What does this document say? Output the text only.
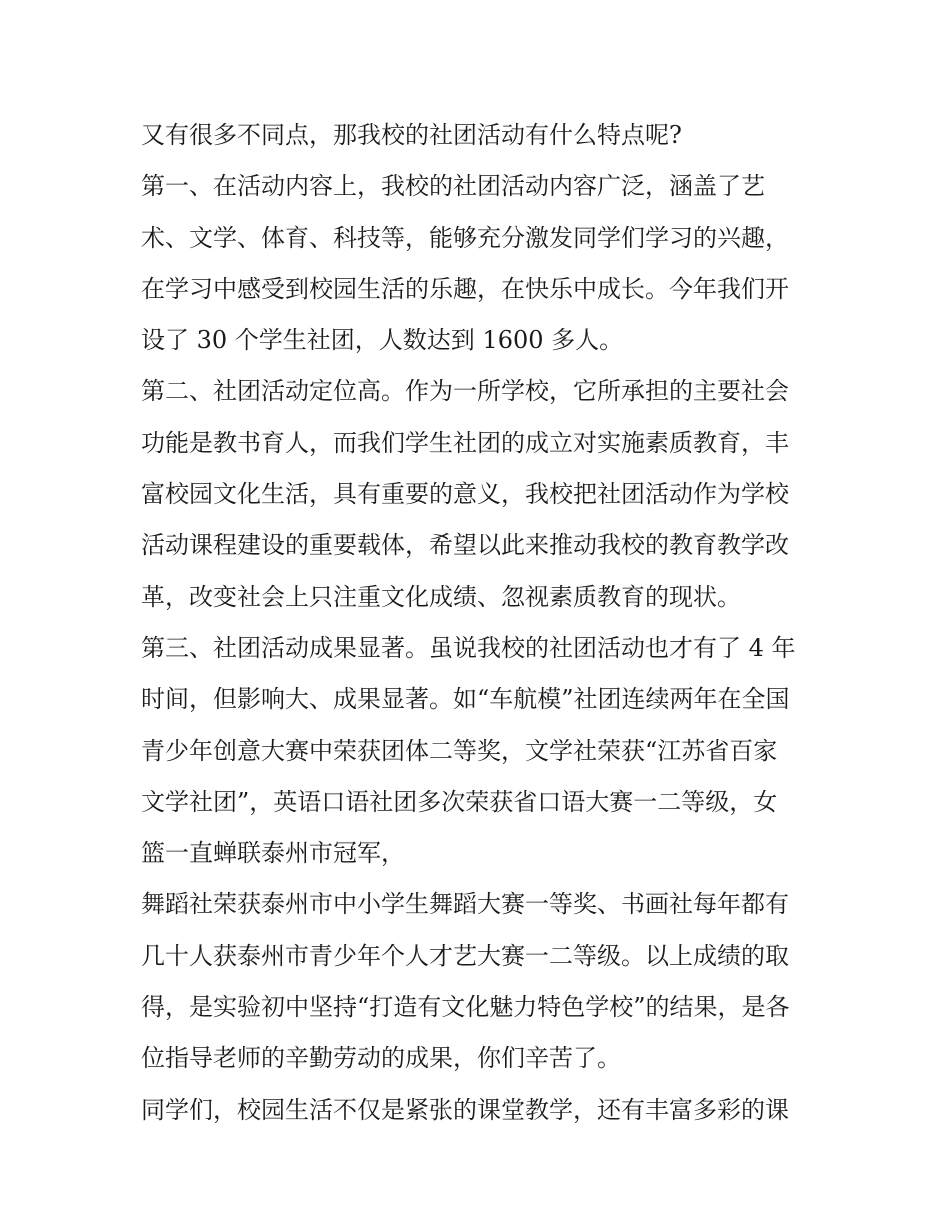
又有很多不同点，那我校的社团活动有什么特点呢?

第一、在活动内容上，我校的社团活动内容广泛，涵盖了艺

术、文学、体育、科技等，能够充分激发同学们学习的兴趣，

在学习中感受到校园生活的乐趣，在快乐中成长。今年我们开

设了 30 个学生社团，人数达到 1600 多人。

第二、社团活动定位高。作为一所学校，它所承担的主要社会

功能是教书育人，而我们学生社团的成立对实施素质教育，丰

富校园文化生活，具有重要的意义，我校把社团活动作为学校

活动课程建设的重要载体，希望以此来推动我校的教育教学改

革，改变社会上只注重文化成绩、忽视素质教育的现状。

第三、社团活动成果显著。虽说我校的社团活动也才有了 4 年

时间，但影响大、成果显著。如“车航模”社团连续两年在全国

青少年创意大赛中荣获团体二等奖，文学社荣获“江苏省百家

文学社团”，英语口语社团多次荣获省口语大赛一二等级，女

篮一直蝉联泰州市冠军，

舞蹈社荣获泰州市中小学生舞蹈大赛一等奖、书画社每年都有

几十人获泰州市青少年个人才艺大赛一二等级。以上成绩的取

得，是实验初中坚持“打造有文化魅力特色学校”的结果，是各

位指导老师的辛勤劳动的成果，你们辛苦了。

同学们，校园生活不仅是紧张的课堂教学，还有丰富多彩的课
